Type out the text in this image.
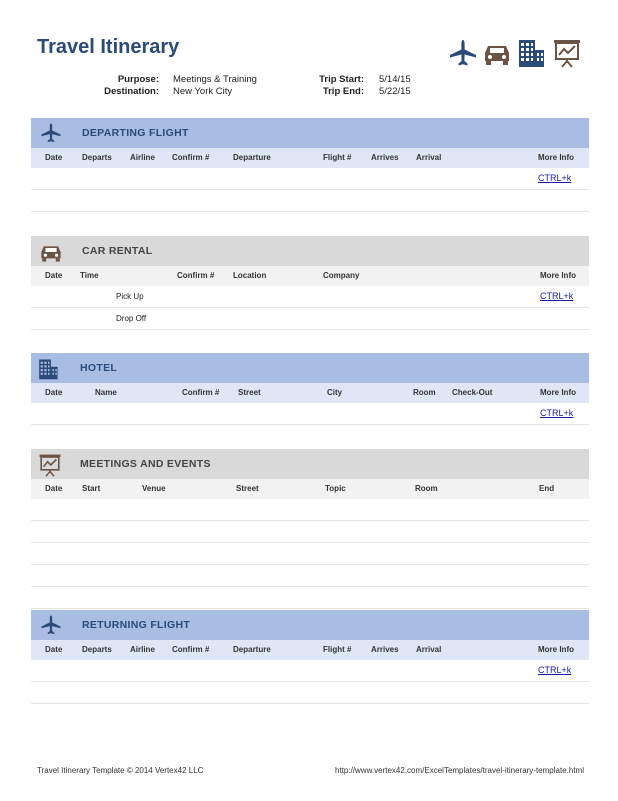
Travel Itinerary
Purpose: Meetings & Training
Destination: New York City
Trip Start: 5/14/15
Trip End: 5/22/15
DEPARTING FLIGHT
Date Departs Airline Confirm #	Departure	Flight # Arrives Arrival	More Info
CTRL+k
CAR RENTAL
Date Time	Confirm # Location	Company	More Info
Pick Up	CTRL+k
Drop Off
HOTEL
Date	Name	Confirm # Street	City	Room Check-Out	More Info
CTRL+k
MEETINGS AND EVENTS
Date Start	Venue	Street	Topic	Room	End
RETURNING FLIGHT
Date Departs Airline Confirm #	Departure	Flight # Arrives Arrival	More Info
CTRL+k
Travel Itinerary Template © 2014 Vertex42 LLC	http://www.vertex42.com/ExcelTemplates/travel-itinerary-template.html
